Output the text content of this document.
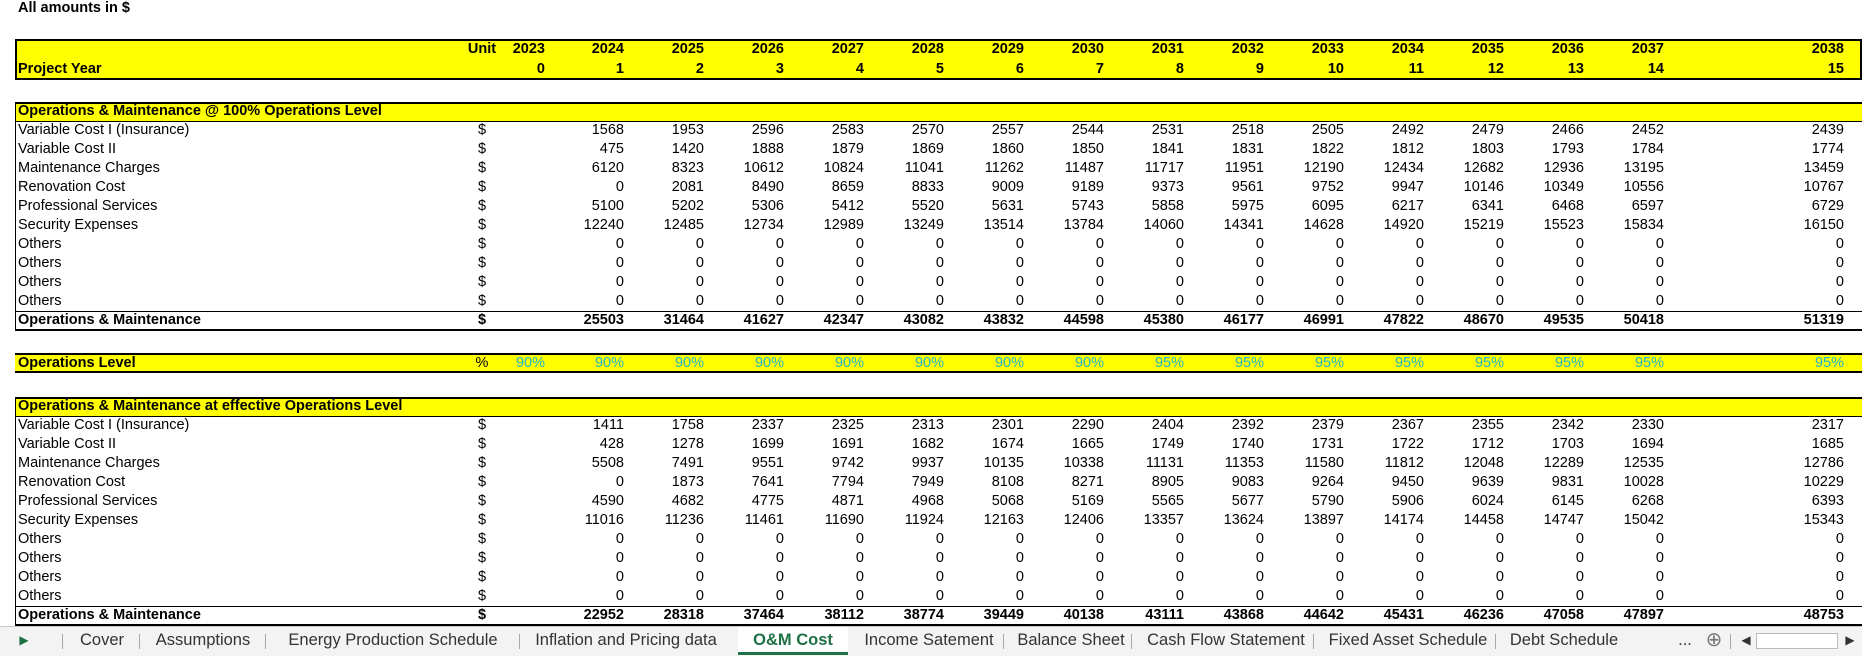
All amounts in $
Unit	2023	2024	2025	2026	2027	2028	2029	2030	2031	2032	2033	2034	2035	2036	2037	2038
Project Year	0	1	2	3	4	5	6	7	8	9	10	11	12	13	14	15
Operations & Maintenance @ 100% Operations Level
Variable Cost I (Insurance)	$	1568	1953	2596	2583	2570	2557	2544	2531	2518	2505	2492	2479	2466	2452	2439
Variable Cost II	$	475	1420	1888	1879	1869	1860	1850	1841	1831	1822	1812	1803	1793	1784	1774
Maintenance Charges	$	6120	8323	10612	10824	11041	11262	11487	11717	11951	12190	12434	12682	12936	13195	13459
Renovation Cost	$	0	2081	8490	8659	8833	9009	9189	9373	9561	9752	9947	10146	10349	10556	10767
Professional Services	$	5100	5202	5306	5412	5520	5631	5743	5858	5975	6095	6217	6341	6468	6597	6729
Security Expenses	$	12240	12485	12734	12989	13249	13514	13784	14060	14341	14628	14920	15219	15523	15834	16150
Others	$	0	0	0	0	0	0	0	0	0	0	0	0	0	0	0
Others	$	0	0	0	0	0	0	0	0	0	0	0	0	0	0	0
Others	$	0	0	0	0	0	0	0	0	0	0	0	0	0	0	0
Others	$	0	0	0	0	0	0	0	0	0	0	0	0	0	0	0
Operations & Maintenance	$	25503	31464	41627	42347	43082	43832	44598	45380	46177	46991	47822	48670	49535	50418	51319
Operations Level	%	90%	90%	90%	90%	90%	90%	90%	90%	95%	95%	95%	95%	95%	95%	95%	95%
Operations & Maintenance at effective Operations Level
Variable Cost I (Insurance)	$	1411	1758	2337	2325	2313	2301	2290	2404	2392	2379	2367	2355	2342	2330	2317
Variable Cost II	$	428	1278	1699	1691	1682	1674	1665	1749	1740	1731	1722	1712	1703	1694	1685
Maintenance Charges	$	5508	7491	9551	9742	9937	10135	10338	11131	11353	11580	11812	12048	12289	12535	12786
Renovation Cost	$	0	1873	7641	7794	7949	8108	8271	8905	9083	9264	9450	9639	9831	10028	10229
Professional Services	$	4590	4682	4775	4871	4968	5068	5169	5565	5677	5790	5906	6024	6145	6268	6393
Security Expenses	$	11016	11236	11461	11690	11924	12163	12406	13357	13624	13897	14174	14458	14747	15042	15343
Others	$	0	0	0	0	0	0	0	0	0	0	0	0	0	0	0
Others	$	0	0	0	0	0	0	0	0	0	0	0	0	0	0	0
Others	$	0	0	0	0	0	0	0	0	0	0	0	0	0	0	0
Others	$	0	0	0	0	0	0	0	0	0	0	0	0	0	0	0
Operations & Maintenance	$	22952	28318	37464	38112	38774	39449	40138	43111	43868	44642	45431	46236	47058	47897	48753
▶	Cover	Assumptions	Energy Production Schedule	Inflation and Pricing data	O&M Cost	Income Satement	Balance Sheet	Cash Flow Statement	Fixed Asset Schedule	Debt Schedule	... ⊕	◀	▶
